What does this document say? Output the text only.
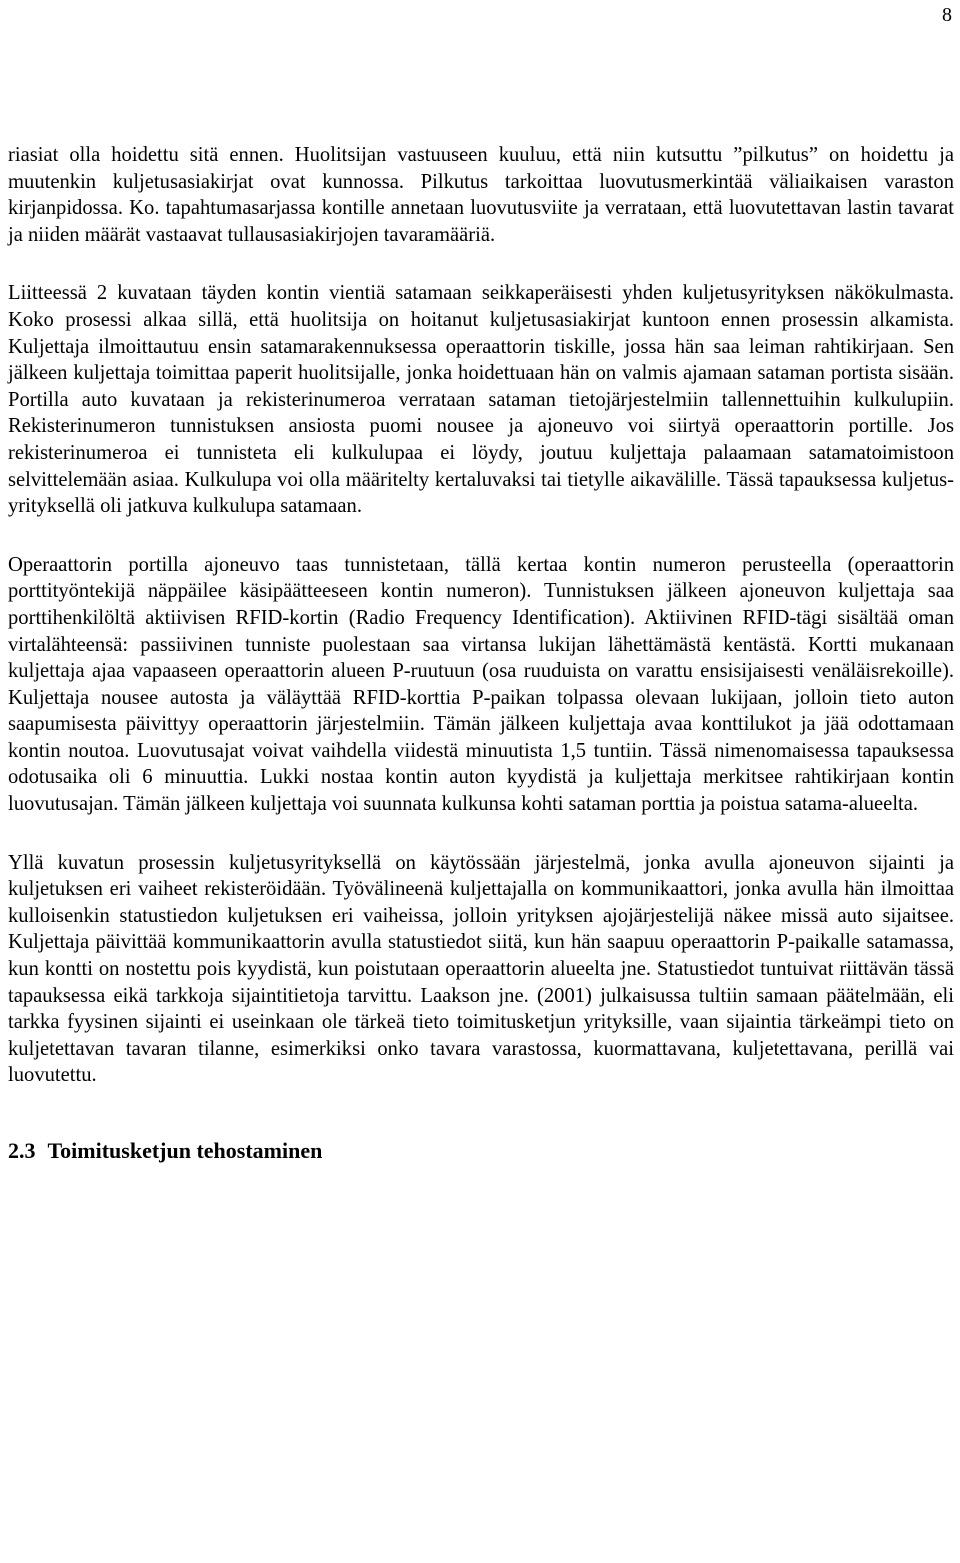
8

riasiat olla hoidettu sitä ennen. Huolitsijan vastuuseen kuuluu, että niin kutsuttu ”pilkutus” on hoidettu ja muutenkin kuljetusasiakirjat ovat kunnossa. Pilkutus tarkoittaa luovutusmerkintää väliaikaisen varaston kirjanpidossa. Ko. tapahtumasarjassa kontille annetaan luovutusviite ja verrataan, että luovutettavan lastin tavarat ja niiden määrät vastaavat tullausasiakirjojen tavaramääriä.

Liitteessä 2 kuvataan täyden kontin vientiä satamaan seikkaperäisesti yhden kuljetusyrityksen näkökulmasta. Koko prosessi alkaa sillä, että huolitsija on hoitanut kuljetusasiakirjat kuntoon ennen prosessin alkamista. Kuljettaja ilmoittautuu ensin satamarakennuksessa operaattorin tiskille, jossa hän saa leiman rahtikirjaan. Sen jälkeen kuljettaja toimittaa paperit huolitsijalle, jonka hoidettuaan hän on valmis ajamaan sataman portista sisään. Portilla auto kuvataan ja rekisterinumeroa verrataan sataman tietojärjestelmiin tallennettuihin kulkulupiin. Rekisterinumeron tunnistuksen ansiosta puomi nousee ja ajoneuvo voi siirtyä operaattorin portille. Jos rekisterinumeroa ei tunnisteta eli kulkulupaa ei löydy, joutuu kuljettaja palaamaan satamatoimistoon selvittelemään asiaa. Kulkulupa voi olla määritelty kertaluvaksi tai tietylle aikavälille. Tässä tapauksessa kuljetusyrityksellä oli jatkuva kulkulupa satamaan.

Operaattorin portilla ajoneuvo taas tunnistetaan, tällä kertaa kontin numeron perusteella (operaattorin porttityöntekijä näppäilee käsipäätteeseen kontin numeron). Tunnistuksen jälkeen ajoneuvon kuljettaja saa porttihenkilöltä aktiivisen RFID-kortin (Radio Frequency Identification). Aktiivinen RFID-tägi sisältää oman virtalähteensä: passiivinen tunniste puolestaan saa virtansa lukijan lähettämästä kentästä. Kortti mukanaan kuljettaja ajaa vapaaseen operaattorin alueen P-ruutuun (osa ruuduista on varattu ensisijaisesti venäläisrekoille). Kuljettaja nousee autosta ja väläyttää RFID-korttia P-paikan tolpassa olevaan lukijaan, jolloin tieto auton saapumisesta päivittyy operaattorin järjestelmiin. Tämän jälkeen kuljettaja avaa konttilukot ja jää odottamaan kontin noutoa. Luovutusajat voivat vaihdella viidestä minuutista 1,5 tuntiin. Tässä nimenomaisessa tapauksessa odotusaika oli 6 minuuttia. Lukki nostaa kontin auton kyydistä ja kuljettaja merkitsee rahtikirjaan kontin luovutusajan. Tämän jälkeen kuljettaja voi suunnata kulkunsa kohti sataman porttia ja poistua satama-alueelta.

Yllä kuvatun prosessin kuljetusyrityksellä on käytössään järjestelmä, jonka avulla ajoneuvon sijainti ja kuljetuksen eri vaiheet rekisteröidään. Työvälineenä kuljettajalla on kommunikaattori, jonka avulla hän ilmoittaa kulloisenkin statustiedon kuljetuksen eri vaiheissa, jolloin yrityksen ajojärjestelijä näkee missä auto sijaitsee. Kuljettaja päivittää kommunikaattorin avulla statustiedot siitä, kun hän saapuu operaattorin P-paikalle satamassa, kun kontti on nostettu pois kyydistä, kun poistutaan operaattorin alueelta jne. Statustiedot tuntuivat riittävän tässä tapauksessa eikä tarkkoja sijaintitietoja tarvittu. Laakson jne. (2001) julkaisussa tultiin samaan päätelmään, eli tarkka fyysinen sijainti ei useinkaan ole tärkeä tieto toimitusketjun yrityksille, vaan sijaintia tärkeämpi tieto on kuljetettavan tavaran tilanne, esimerkiksi onko tavara varastossa, kuormattavana, kuljetettavana, perillä vai luovutettu.

2.3 Toimitusketjun tehostaminen
